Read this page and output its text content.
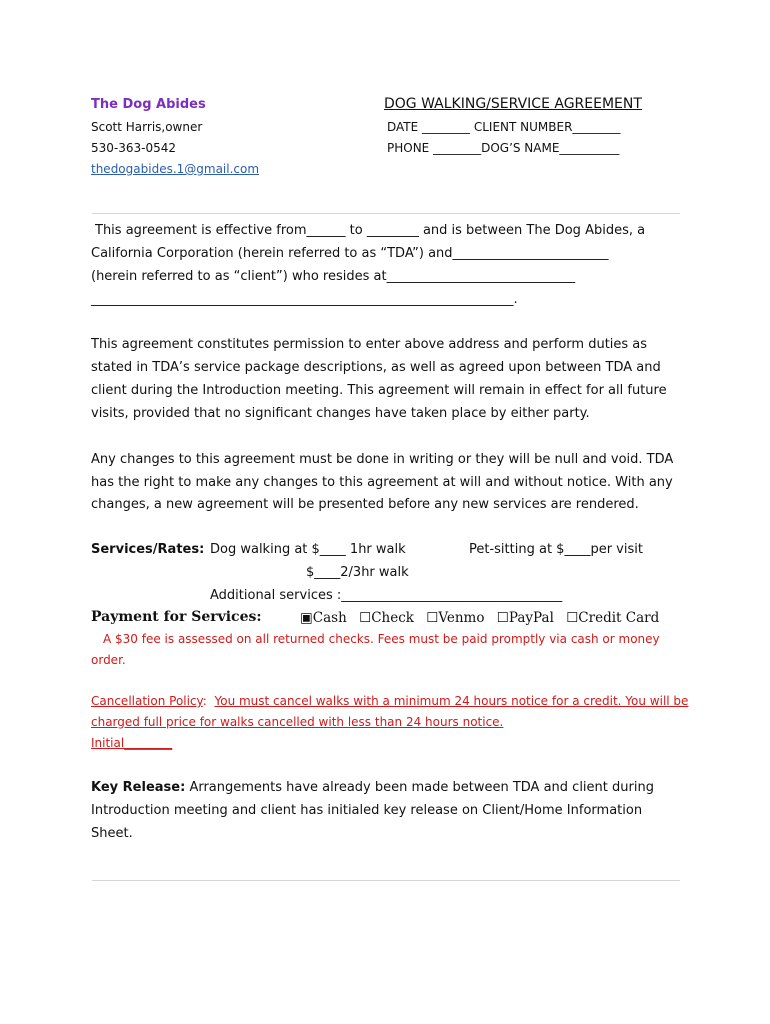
The Dog Abides
Scott Harris,owner
530-363-0542
thedogabides.1@gmail.com
DOG WALKING/SERVICE AGREEMENT
DATE ________ CLIENT NUMBER________
PHONE ________DOG’S NAME__________
This agreement is effective from______ to ________ and is between The Dog Abides, a
California Corporation (herein referred to as “TDA”) and________________________
(herein referred to as “client”) who resides at_____________________________
_________________________________________________________________.
This agreement constitutes permission to enter above address and perform duties as
stated in TDA’s service package descriptions, as well as agreed upon between TDA and
client during the Introduction meeting. This agreement will remain in effect for all future
visits, provided that no significant changes have taken place by either party.
Any changes to this agreement must be done in writing or they will be null and void. TDA
has the right to make any changes to this agreement at will and without notice. With any
changes, a new agreement will be presented before any new services are rendered.
Services/Rates: Dog walking at $____ 1hr walk	Pet-sitting at $____per visit
$____2/3hr walk
Additional services :__________________________________
Payment for Services:	▣Cash ☐Check ☐Venmo ☐PayPal ☐Credit Card
A $30 fee is assessed on all returned checks. Fees must be paid promptly via cash or money
order.
Cancellation Policy: You must cancel walks with a minimum 24 hours notice for a credit. You will be
charged full price for walks cancelled with less than 24 hours notice.
Initial________
Key Release: Arrangements have already been made between TDA and client during
Introduction meeting and client has initialed key release on Client/Home Information
Sheet.
